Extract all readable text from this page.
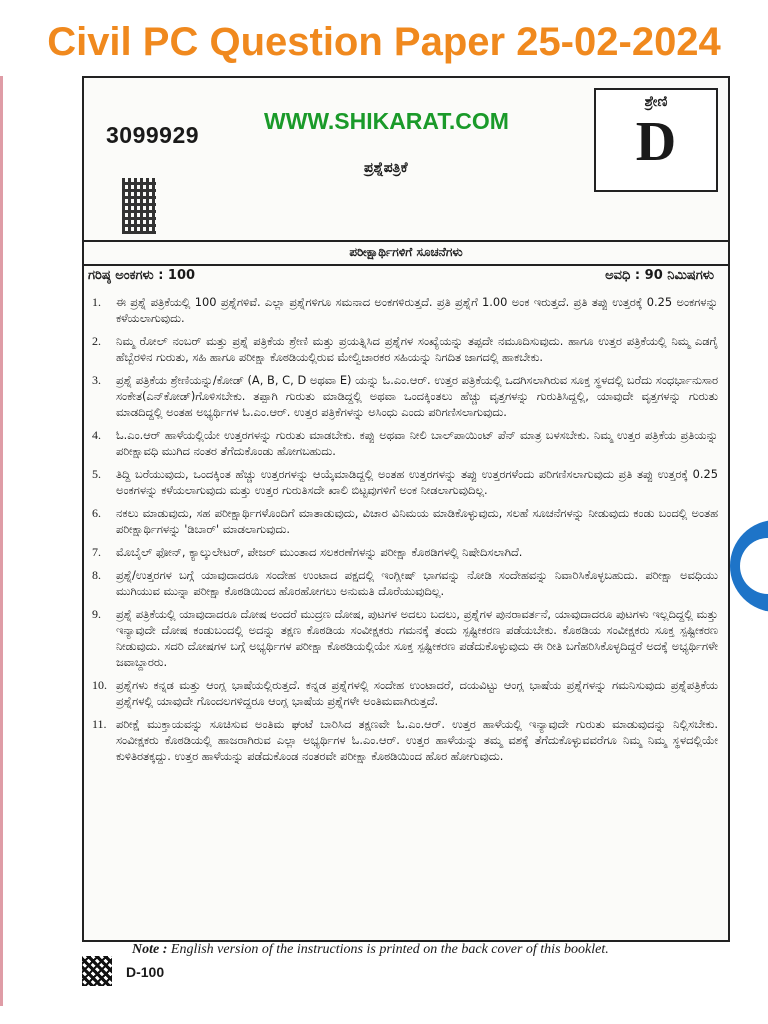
Civil PC Question Paper 25-02-2024
3099929
WWW.SHIKARAT.COM
ಪ್ರಶ್ನೆಪತ್ರಿಕೆ
ಶ್ರೇಣಿ
D
ಪರೀಕ್ಷಾರ್ಥಿಗಳಿಗೆ ಸೂಚನೆಗಳು
ಗರಿಷ್ಠ ಅಂಕಗಳು : 100	ಅವಧಿ : 90 ನಿಮಿಷಗಳು
1.	ಈ ಪ್ರಶ್ನೆ ಪತ್ರಿಕೆಯಲ್ಲಿ 100 ಪ್ರಶ್ನೆಗಳಿವೆ. ಎಲ್ಲಾ ಪ್ರಶ್ನೆಗಳಿಗೂ ಸಮನಾದ ಅಂಕಗಳಿರುತ್ತದೆ. ಪ್ರತಿ ಪ್ರಶ್ನೆಗೆ 1.00 ಅಂಕ ಇರುತ್ತದೆ. ಪ್ರತಿ ತಪ್ಪು ಉತ್ತರಕ್ಕೆ 0.25 ಅಂಕಗಳನ್ನು ಕಳೆಯಲಾಗುವುದು.
2.	ನಿಮ್ಮ ರೋಲ್ ನಂಬರ್ ಮತ್ತು ಪ್ರಶ್ನೆ ಪತ್ರಿಕೆಯ ಶ್ರೇಣಿ ಮತ್ತು ಪ್ರಯತ್ನಿಸಿದ ಪ್ರಶ್ನೆಗಳ ಸಂಖ್ಯೆಯನ್ನು ತಪ್ಪದೇ ನಮೂದಿಸುವುದು. ಹಾಗೂ ಉತ್ತರ ಪತ್ರಿಕೆಯಲ್ಲಿ ನಿಮ್ಮ ಎಡಗೈ ಹೆಬ್ಬೆರಳಿನ ಗುರುತು, ಸಹಿ ಹಾಗೂ ಪರೀಕ್ಷಾ ಕೊಠಡಿಯಲ್ಲಿರುವ ಮೇಲ್ವಿಚಾರಕರ ಸಹಿಯನ್ನು ನಿಗದಿತ ಜಾಗದಲ್ಲಿ ಹಾಕಬೇಕು.
3.	ಪ್ರಶ್ನೆ ಪತ್ರಿಕೆಯ ಶ್ರೇಣಿಯನ್ನು/ಕೋಡ್ (A, B, C, D ಅಥವಾ E) ಯನ್ನು ಓ.ಎಂ.ಆರ್. ಉತ್ತರ ಪತ್ರಿಕೆಯಲ್ಲಿ ಒದಗಿಸಲಾಗಿರುವ ಸೂಕ್ತ ಸ್ಥಳದಲ್ಲಿ ಬರೆದು ಸಂಧರ್ಭಾನುಸಾರ ಸಂಕೇತ(ಎನ್‌ಕೋಡ್)ಗೊಳಿಸಬೇಕು. ತಪ್ಪಾಗಿ ಗುರುತು ಮಾಡಿದ್ದಲ್ಲಿ ಅಥವಾ ಒಂದಕ್ಕಿಂತಲು ಹೆಚ್ಚು ವೃತ್ತಗಳನ್ನು ಗುರುತಿಸಿದ್ದಲ್ಲಿ, ಯಾವುದೇ ವೃತ್ತಗಳನ್ನು ಗುರುತು ಮಾಡದಿದ್ದಲ್ಲಿ ಅಂತಹ ಅಭ್ಯರ್ಥಿಗಳ ಓ.ಎಂ.ಆರ್. ಉತ್ತರ ಪತ್ರಿಕೆಗಳನ್ನು ಅಸಿಂಧು ಎಂದು ಪರಿಗಣಿಸಲಾಗುವುದು.
4.	ಓ.ಎಂ.ಆರ್ ಹಾಳೆಯಲ್ಲಿಯೇ ಉತ್ತರಗಳನ್ನು ಗುರುತು ಮಾಡಬೇಕು. ಕಪ್ಪು ಅಥವಾ ನೀಲಿ ಬಾಲ್‌ಪಾಯಿಂಟ್ ಪೆನ್ ಮಾತ್ರ ಬಳಸಬೇಕು. ನಿಮ್ಮ ಉತ್ತರ ಪತ್ರಿಕೆಯ ಪ್ರತಿಯನ್ನು ಪರೀಕ್ಷಾವಧಿ ಮುಗಿದ ನಂತರ ತೆಗೆದುಕೊಂಡು ಹೋಗಬಹುದು.
5.	ತಿದ್ದಿ ಬರೆಯುವುದು, ಒಂದಕ್ಕಿಂತ ಹೆಚ್ಚು ಉತ್ತರಗಳನ್ನು ಆಯ್ಕೆಮಾಡಿದ್ದಲ್ಲಿ ಅಂತಹ ಉತ್ತರಗಳನ್ನು ತಪ್ಪು ಉತ್ತರಗಳೆಂದು ಪರಿಗಣಿಸಲಾಗುವುದು ಪ್ರತಿ ತಪ್ಪು ಉತ್ತರಕ್ಕೆ 0.25 ಅಂಕಗಳನ್ನು ಕಳೆಯಲಾಗುವುದು ಮತ್ತು ಉತ್ತರ ಗುರುತಿಸದೇ ಖಾಲಿ ಬಿಟ್ಟವುಗಳಿಗೆ ಅಂಕ ನೀಡಲಾಗುವುದಿಲ್ಲ.
6.	ನಕಲು ಮಾಡುವುದು, ಸಹ ಪರೀಕ್ಷಾರ್ಥಿಗಳೊಂದಿಗೆ ಮಾತಾಡುವುದು, ವಿಚಾರ ವಿನಿಮಯ ಮಾಡಿಕೊಳ್ಳುವುದು, ಸಲಹೆ ಸೂಚನೆಗಳನ್ನು ನೀಡುವುದು ಕಂಡು ಬಂದಲ್ಲಿ ಅಂತಹ ಪರೀಕ್ಷಾರ್ಥಿಗಳನ್ನು 'ಡಿಬಾರ್' ಮಾಡಲಾಗುವುದು.
7.	ಮೊಬೈಲ್ ಫೋನ್, ಕ್ಯಾಲ್ಕುಲೇಟರ್, ಪೇಜರ್ ಮುಂತಾದ ಸಲಕರಣೆಗಳನ್ನು ಪರೀಕ್ಷಾ ಕೊಠಡಿಗಳಲ್ಲಿ ನಿಷೇದಿಸಲಾಗಿದೆ.
8.	ಪ್ರಶ್ನೆ/ಉತ್ತರಗಳ ಬಗ್ಗೆ ಯಾವುದಾದರೂ ಸಂದೇಹ ಉಂಟಾದ ಪಕ್ಷದಲ್ಲಿ ಇಂಗ್ಲೀಷ್ ಭಾಗವನ್ನು ನೋಡಿ ಸಂದೇಹವನ್ನು ನಿವಾರಿಸಿಕೊಳ್ಳಬಹುದು. ಪರೀಕ್ಷಾ ಅವಧಿಯು ಮುಗಿಯುವ ಮುನ್ನಾ ಪರೀಕ್ಷಾ ಕೊಠಡಿಯಿಂದ ಹೊರಹೋಗಲು ಅನುಮತಿ ದೊರೆಯುವುದಿಲ್ಲ.
9.	ಪ್ರಶ್ನೆ ಪತ್ರಿಕೆಯಲ್ಲಿ ಯಾವುದಾದರೂ ದೋಷ ಅಂದರೆ ಮುದ್ರಣ ದೋಷ, ಪುಟಗಳ ಅದಲು ಬದಲು, ಪ್ರಶ್ನೆಗಳ ಪುನರಾವರ್ತನೆ, ಯಾವುದಾದರೂ ಪುಟಗಳು ಇಲ್ಲದಿದ್ದಲ್ಲಿ ಮತ್ತು ಇನ್ಯಾವುದೇ ದೋಷ ಕಂಡುಬಂದಲ್ಲಿ ಅದನ್ನು ತಕ್ಷಣ ಕೊಠಡಿಯ ಸಂವೀಕ್ಷಕರು ಗಮನಕ್ಕೆ ತಂದು ಸ್ಪಷ್ಟೀಕರಣ ಪಡೆಯಬೇಕು. ಕೊಠಡಿಯ ಸಂವೀಕ್ಷಕರು ಸೂಕ್ತ ಸ್ಪಷ್ಟೀಕರಣ ನೀಡುವುದು. ಸದರಿ ದೋಷಗಳ ಬಗ್ಗೆ ಅಭ್ಯರ್ಥಿಗಳ ಪರೀಕ್ಷಾ ಕೊಠಡಿಯಲ್ಲಿಯೇ ಸೂಕ್ತ ಸ್ಪಷ್ಟೀಕರಣ ಪಡೆದುಕೊಳ್ಳುವುದು ಈ ರೀತಿ ಬಗೆಹರಿಸಿಕೊಳ್ಳದಿದ್ದರೆ ಅದಕ್ಕೆ ಅಭ್ಯರ್ಥಿಗಳೇ ಜವಾಬ್ದಾರರು.
10. ಪ್ರಶ್ನೆಗಳು ಕನ್ನಡ ಮತ್ತು ಆಂಗ್ಲ ಭಾಷೆಯಲ್ಲಿರುತ್ತದೆ. ಕನ್ನಡ ಪ್ರಶ್ನೆಗಳಲ್ಲಿ ಸಂದೇಹ ಉಂಟಾದರೆ, ದಯವಿಟ್ಟು ಆಂಗ್ಲ ಭಾಷೆಯ ಪ್ರಶ್ನೆಗಳನ್ನು ಗಮನಿಸುವುದು ಪ್ರಶ್ನೆಪತ್ರಿಕೆಯ ಪ್ರಶ್ನೆಗಳಲ್ಲಿ ಯಾವುದೇ ಗೊಂದಲಗಳಿದ್ದರೂ ಆಂಗ್ಲ ಭಾಷೆಯ ಪ್ರಶ್ನೆಗಳೇ ಅಂತಿಮವಾಗಿರುತ್ತದೆ.
11. ಪರೀಕ್ಷೆ ಮುಕ್ತಾಯವನ್ನು ಸೂಚಿಸುವ ಅಂತಿಮ ಘಂಟೆ ಬಾರಿಸಿದ ತಕ್ಷಣವೇ ಓ.ಎಂ.ಆರ್. ಉತ್ತರ ಹಾಳೆಯಲ್ಲಿ ಇನ್ಯಾವುದೇ ಗುರುತು ಮಾಡುವುದನ್ನು ನಿಲ್ಲಿಸಬೇಕು. ಸಂವೀಕ್ಷಕರು ಕೊಠಡಿಯಲ್ಲಿ ಹಾಜರಾಗಿರುವ ಎಲ್ಲಾ ಅಭ್ಯರ್ಥಿಗಳ ಓ.ಎಂ.ಆರ್. ಉತ್ತರ ಹಾಳೆಯನ್ನು ತಮ್ಮ ವಶಕ್ಕೆ ತೆಗೆದುಕೊಳ್ಳುವವರೆಗೂ ನಿಮ್ಮ ನಿಮ್ಮ ಸ್ಥಳದಲ್ಲಿಯೇ ಕುಳಿತಿರತಕ್ಕದ್ದು. ಉತ್ತರ ಹಾಳೆಯನ್ನು ಪಡೆದುಕೊಂಡ ನಂತರವೇ ಪರೀಕ್ಷಾ ಕೊಠಡಿಯಿಂದ ಹೊರ ಹೋಗುವುದು.
Note : English version of the instructions is printed on the back cover of this booklet.
D-100
